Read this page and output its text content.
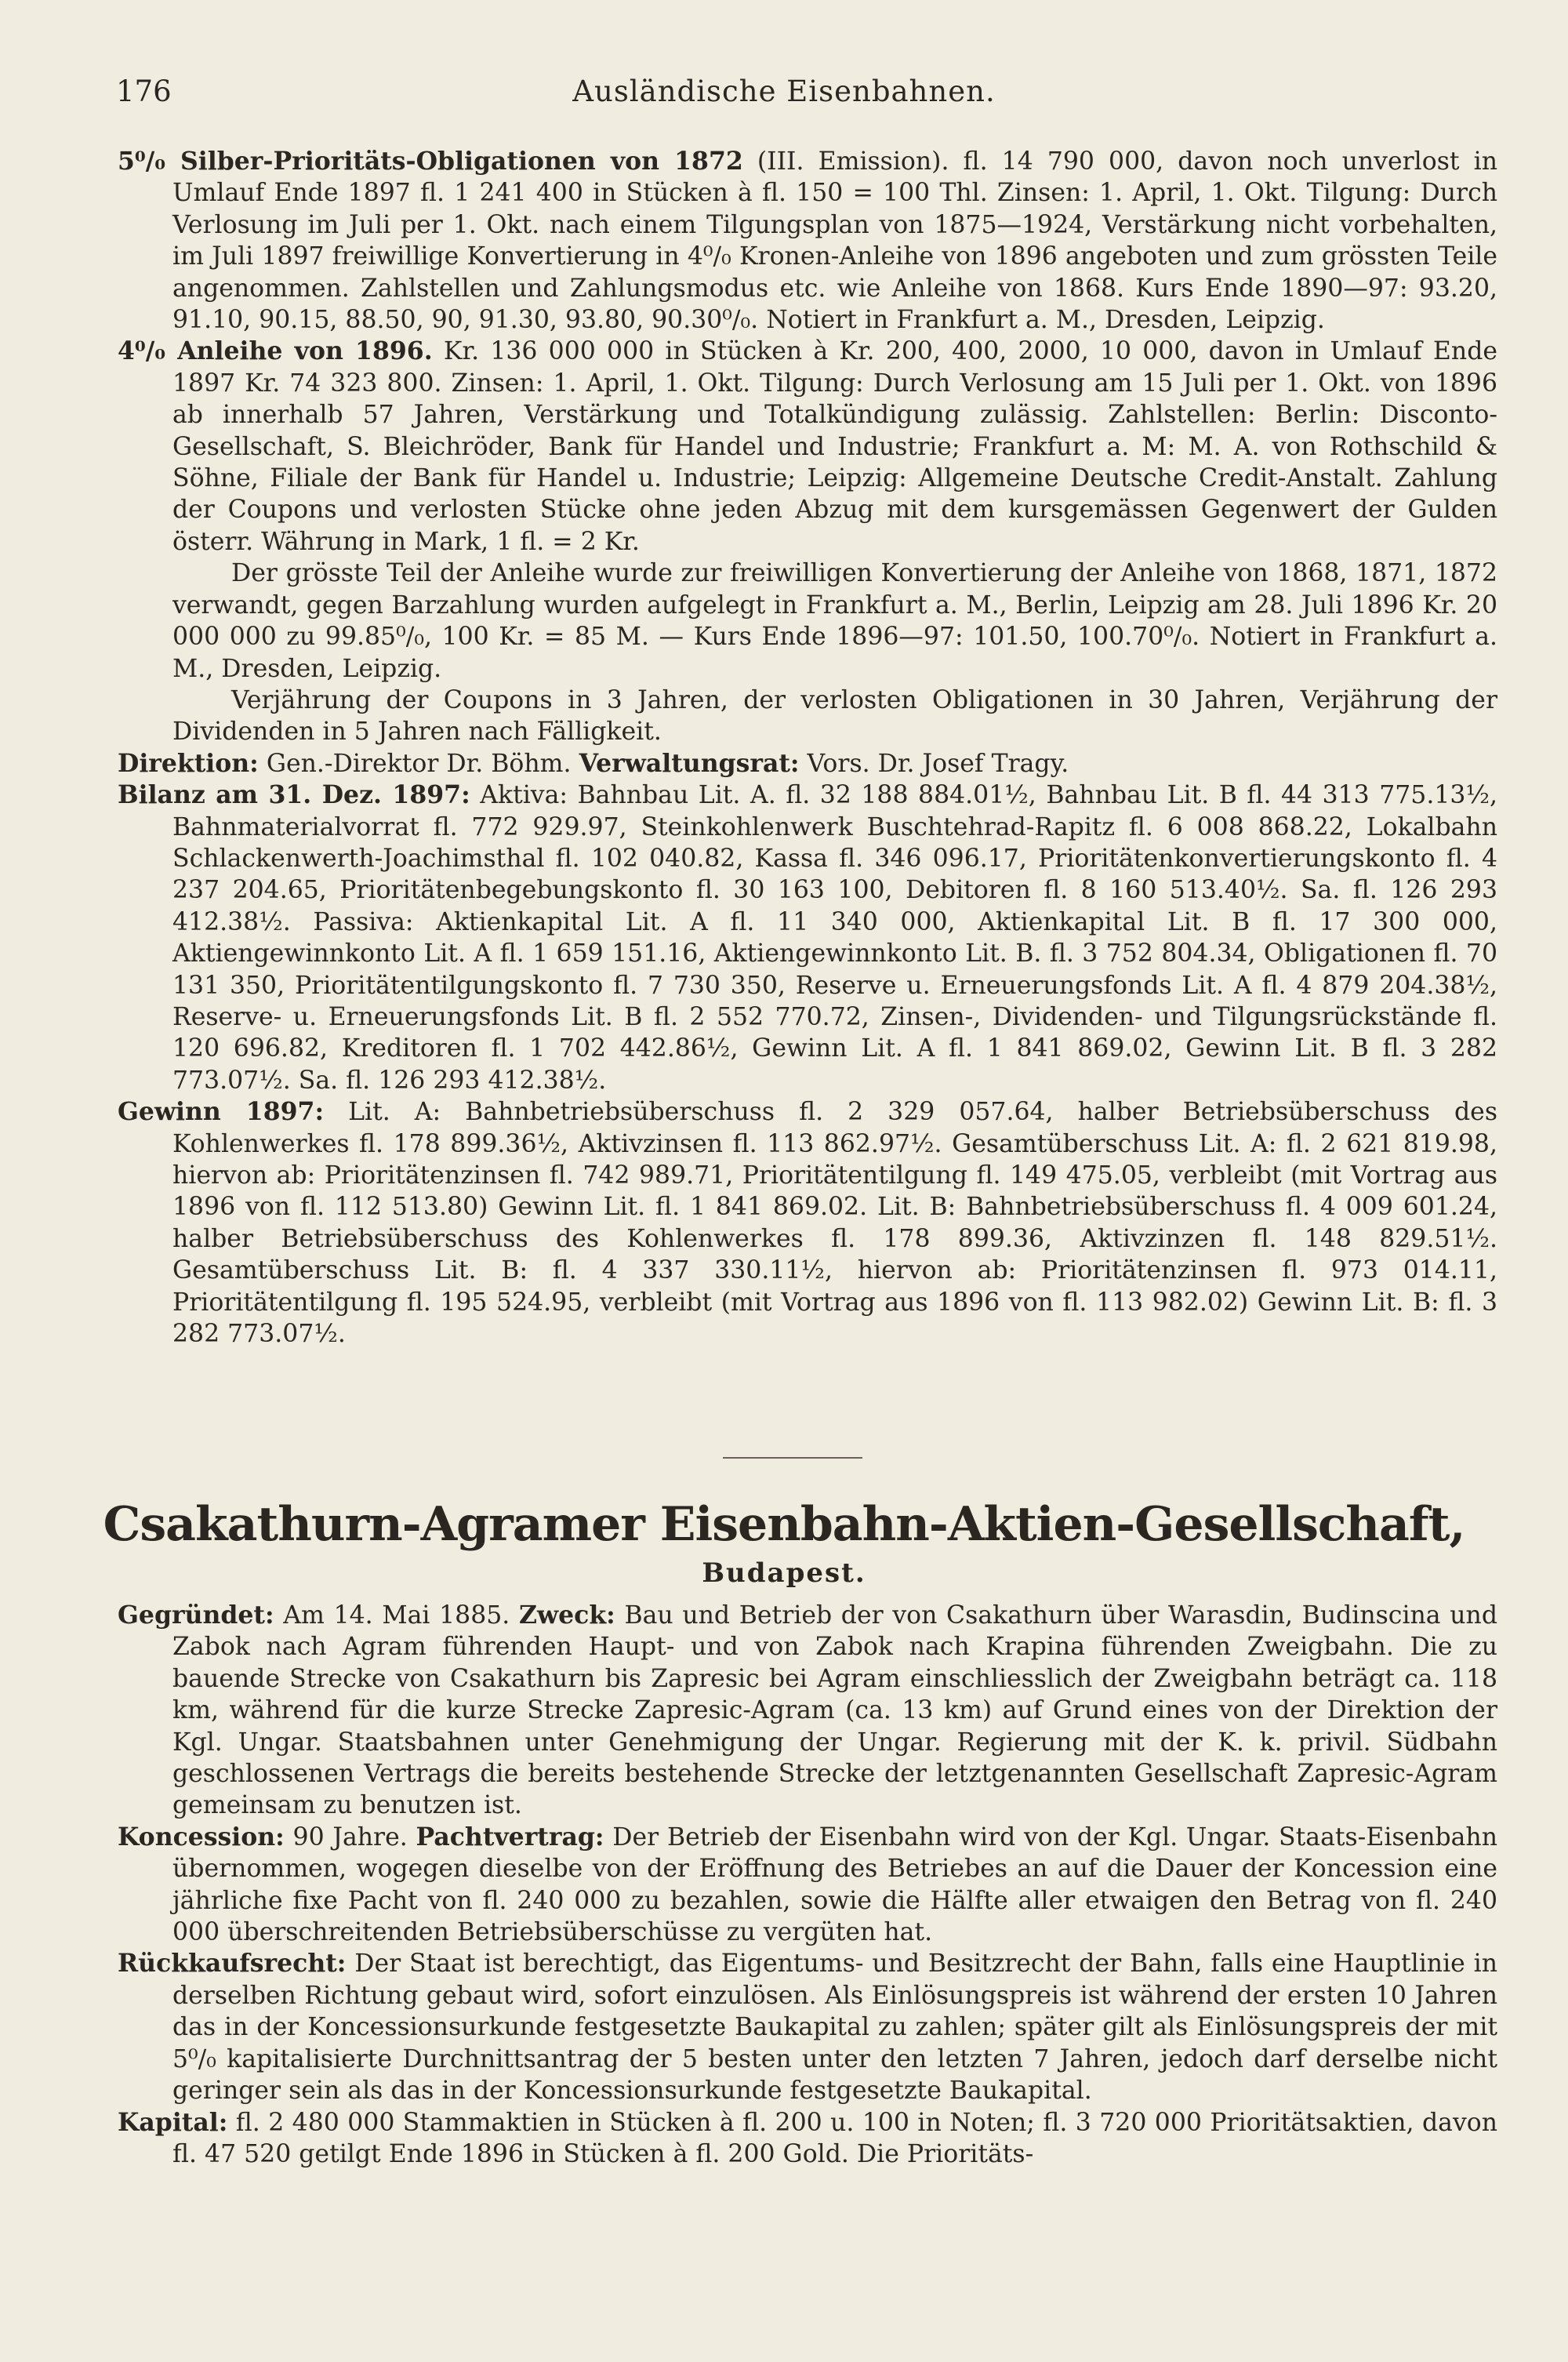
176	Ausländische Eisenbahnen.

5⁰/₀ Silber-Prioritäts-Obligationen von 1872 (III. Emission). fl. 14 790 000, davon noch unverlost in Umlauf Ende 1897 fl. 1 241 400 in Stücken à fl. 150 = 100 Thl. Zinsen: 1. April, 1. Okt. Tilgung: Durch Verlosung im Juli per 1. Okt. nach einem Tilgungsplan von 1875—1924, Verstärkung nicht vorbehalten, im Juli 1897 freiwillige Konvertierung in 4⁰/₀ Kronen-Anleihe von 1896 angeboten und zum grössten Teile angenommen. Zahlstellen und Zahlungsmodus etc. wie Anleihe von 1868. Kurs Ende 1890—97: 93.20, 91.10, 90.15, 88.50, 90, 91.30, 93.80, 90.30⁰/₀. Notiert in Frankfurt a. M., Dresden, Leipzig.

4⁰/₀ Anleihe von 1896. Kr. 136 000 000 in Stücken à Kr. 200, 400, 2000, 10 000, davon in Umlauf Ende 1897 Kr. 74 323 800. Zinsen: 1. April, 1. Okt. Tilgung: Durch Verlosung am 15 Juli per 1. Okt. von 1896 ab innerhalb 57 Jahren, Verstärkung und Totalkündigung zulässig. Zahlstellen: Berlin: Disconto-Gesellschaft, S. Bleichröder, Bank für Handel und Industrie; Frankfurt a. M: M. A. von Rothschild & Söhne, Filiale der Bank für Handel u. Industrie; Leipzig: Allgemeine Deutsche Credit-Anstalt. Zahlung der Coupons und verlosten Stücke ohne jeden Abzug mit dem kursgemässen Gegenwert der Gulden österr. Währung in Mark, 1 fl. = 2 Kr.

Der grösste Teil der Anleihe wurde zur freiwilligen Konvertierung der Anleihe von 1868, 1871, 1872 verwandt, gegen Barzahlung wurden aufgelegt in Frankfurt a. M., Berlin, Leipzig am 28. Juli 1896 Kr. 20 000 000 zu 99.85⁰/₀, 100 Kr. = 85 M. — Kurs Ende 1896—97: 101.50, 100.70⁰/₀. Notiert in Frankfurt a. M., Dresden, Leipzig.

Verjährung der Coupons in 3 Jahren, der verlosten Obligationen in 30 Jahren, Verjährung der Dividenden in 5 Jahren nach Fälligkeit.

Direktion: Gen.-Direktor Dr. Böhm. Verwaltungsrat: Vors. Dr. Josef Tragy.

Bilanz am 31. Dez. 1897: Aktiva: Bahnbau Lit. A. fl. 32 188 884.01½, Bahnbau Lit. B fl. 44 313 775.13½, Bahnmaterialvorrat fl. 772 929.97, Steinkohlenwerk Buschtehrad-Rapitz fl. 6 008 868.22, Lokalbahn Schlackenwerth-Joachimsthal fl. 102 040.82, Kassa fl. 346 096.17, Prioritätenkonvertierungskonto fl. 4 237 204.65, Prioritätenbegebungskonto fl. 30 163 100, Debitoren fl. 8 160 513.40½. Sa. fl. 126 293 412.38½. Passiva: Aktienkapital Lit. A fl. 11 340 000, Aktienkapital Lit. B fl. 17 300 000, Aktiengewinnkonto Lit. A fl. 1 659 151.16, Aktiengewinnkonto Lit. B. fl. 3 752 804.34, Obligationen fl. 70 131 350, Prioritätentilgungskonto fl. 7 730 350, Reserve u. Erneuerungsfonds Lit. A fl. 4 879 204.38½, Reserve- u. Erneuerungsfonds Lit. B fl. 2 552 770.72, Zinsen-, Dividenden- und Tilgungsrückstände fl. 120 696.82, Kreditoren fl. 1 702 442.86½, Gewinn Lit. A fl. 1 841 869.02, Gewinn Lit. B fl. 3 282 773.07½. Sa. fl. 126 293 412.38½.

Gewinn 1897: Lit. A: Bahnbetriebsüberschuss fl. 2 329 057.64, halber Betriebsüberschuss des Kohlenwerkes fl. 178 899.36½, Aktivzinsen fl. 113 862.97½. Gesamtüberschuss Lit. A: fl. 2 621 819.98, hiervon ab: Prioritätenzinsen fl. 742 989.71, Prioritätentilgung fl. 149 475.05, verbleibt (mit Vortrag aus 1896 von fl. 112 513.80) Gewinn Lit. fl. 1 841 869.02. Lit. B: Bahnbetriebsüberschuss fl. 4 009 601.24, halber Betriebsüberschuss des Kohlenwerkes fl. 178 899.36, Aktivzinzen fl. 148 829.51½. Gesamtüberschuss Lit. B: fl. 4 337 330.11½, hiervon ab: Prioritätenzinsen fl. 973 014.11, Prioritätentilgung fl. 195 524.95, verbleibt (mit Vortrag aus 1896 von fl. 113 982.02) Gewinn Lit. B: fl. 3 282 773.07½.

Csakathurn-Agramer Eisenbahn-Aktien-Gesellschaft,
Budapest.

Gegründet: Am 14. Mai 1885. Zweck: Bau und Betrieb der von Csakathurn über Warasdin, Budinscina und Zabok nach Agram führenden Haupt- und von Zabok nach Krapina führenden Zweigbahn. Die zu bauende Strecke von Csakathurn bis Zapresic bei Agram einschliesslich der Zweigbahn beträgt ca. 118 km, während für die kurze Strecke Zapresic-Agram (ca. 13 km) auf Grund eines von der Direktion der Kgl. Ungar. Staatsbahnen unter Genehmigung der Ungar. Regierung mit der K. k. privil. Südbahn geschlossenen Vertrags die bereits bestehende Strecke der letztgenannten Gesellschaft Zapresic-Agram gemeinsam zu benutzen ist.

Koncession: 90 Jahre. Pachtvertrag: Der Betrieb der Eisenbahn wird von der Kgl. Ungar. Staats-Eisenbahn übernommen, wogegen dieselbe von der Eröffnung des Betriebes an auf die Dauer der Koncession eine jährliche fixe Pacht von fl. 240 000 zu bezahlen, sowie die Hälfte aller etwaigen den Betrag von fl. 240 000 überschreitenden Betriebsüberschüsse zu vergüten hat.

Rückkaufsrecht: Der Staat ist berechtigt, das Eigentums- und Besitzrecht der Bahn, falls eine Hauptlinie in derselben Richtung gebaut wird, sofort einzulösen. Als Einlösungspreis ist während der ersten 10 Jahren das in der Koncessionsurkunde festgesetzte Baukapital zu zahlen; später gilt als Einlösungspreis der mit 5⁰/₀ kapitalisierte Durchnittsantrag der 5 besten unter den letzten 7 Jahren, jedoch darf derselbe nicht geringer sein als das in der Koncessionsurkunde festgesetzte Baukapital.

Kapital: fl. 2 480 000 Stammaktien in Stücken à fl. 200 u. 100 in Noten; fl. 3 720 000 Prioritätsaktien, davon fl. 47 520 getilgt Ende 1896 in Stücken à fl. 200 Gold. Die Prioritäts-
